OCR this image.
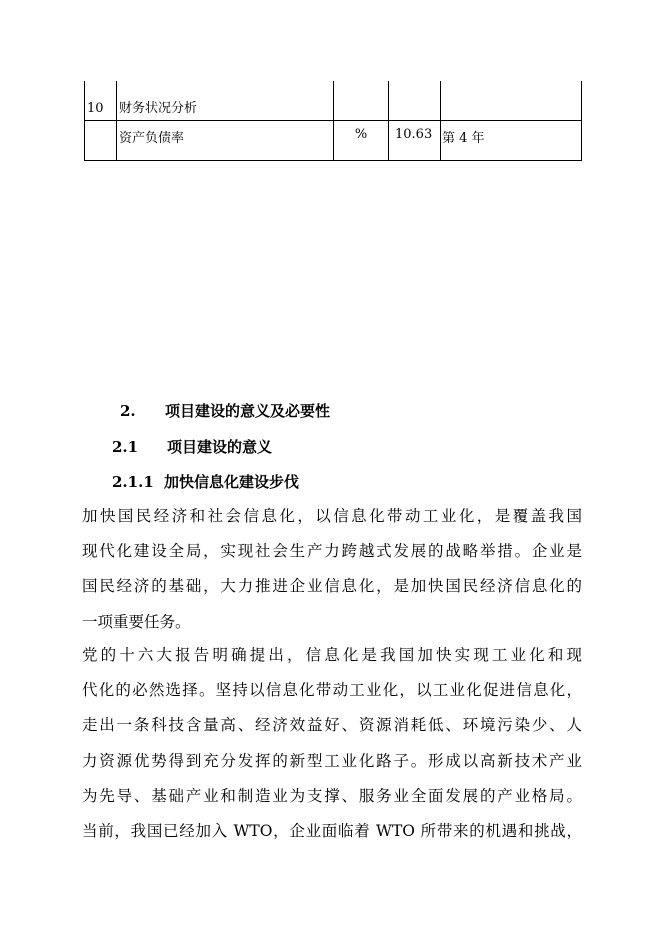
10	财务状况分析			
	资产负债率	%	10.63	第 4 年
2. 项目建设的意义及必要性
2.1 项目建设的意义
2.1.1 加快信息化建设步伐
加快国民经济和社会信息化，以信息化带动工业化，是覆盖我国
现代化建设全局，实现社会生产力跨越式发展的战略举措。企业是
国民经济的基础，大力推进企业信息化，是加快国民经济信息化的
一项重要任务。
党的十六大报告明确提出，信息化是我国加快实现工业化和现
代化的必然选择。坚持以信息化带动工业化，以工业化促进信息化，
走出一条科技含量高、经济效益好、资源消耗低、环境污染少、人
力资源优势得到充分发挥的新型工业化路子。形成以高新技术产业
为先导、基础产业和制造业为支撑、服务业全面发展的产业格局。
当前，我国已经加入 WTO，企业面临着 WTO 所带来的机遇和挑战，
